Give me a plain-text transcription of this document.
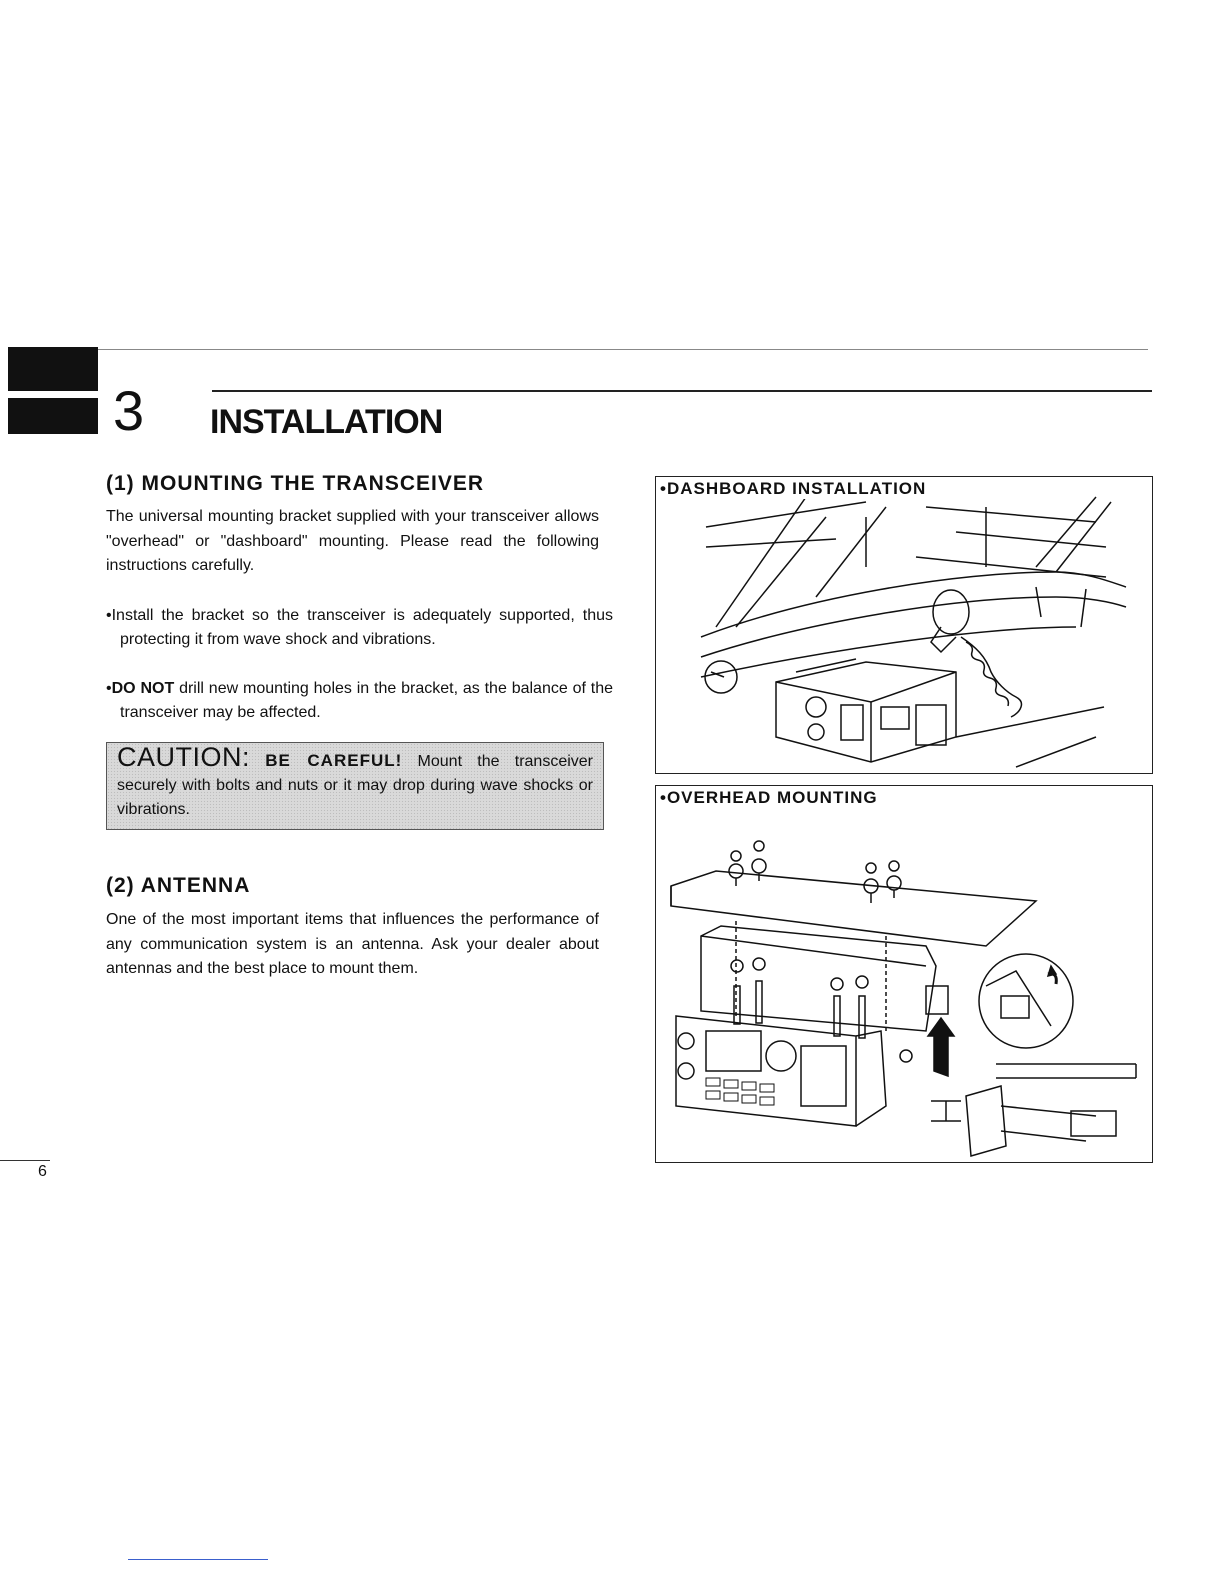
3 INSTALLATION
(1) MOUNTING THE TRANSCEIVER

The universal mounting bracket supplied with your transceiver allows "overhead" or "dashboard" mounting. Please read the following instructions carefully.

•Install the bracket so the transceiver is adequately supported, thus protecting it from wave shock and vibrations.

•DO NOT drill new mounting holes in the bracket, as the balance of the transceiver may be affected.

CAUTION: BE CAREFUL! Mount the transceiver securely with bolts and nuts or it may drop during wave shocks or vibrations.
(2) ANTENNA

One of the most important items that influences the performance of any communication system is an antenna. Ask your dealer about antennas and the best place to mount them.

•DASHBOARD INSTALLATION
•OVERHEAD MOUNTING
6
